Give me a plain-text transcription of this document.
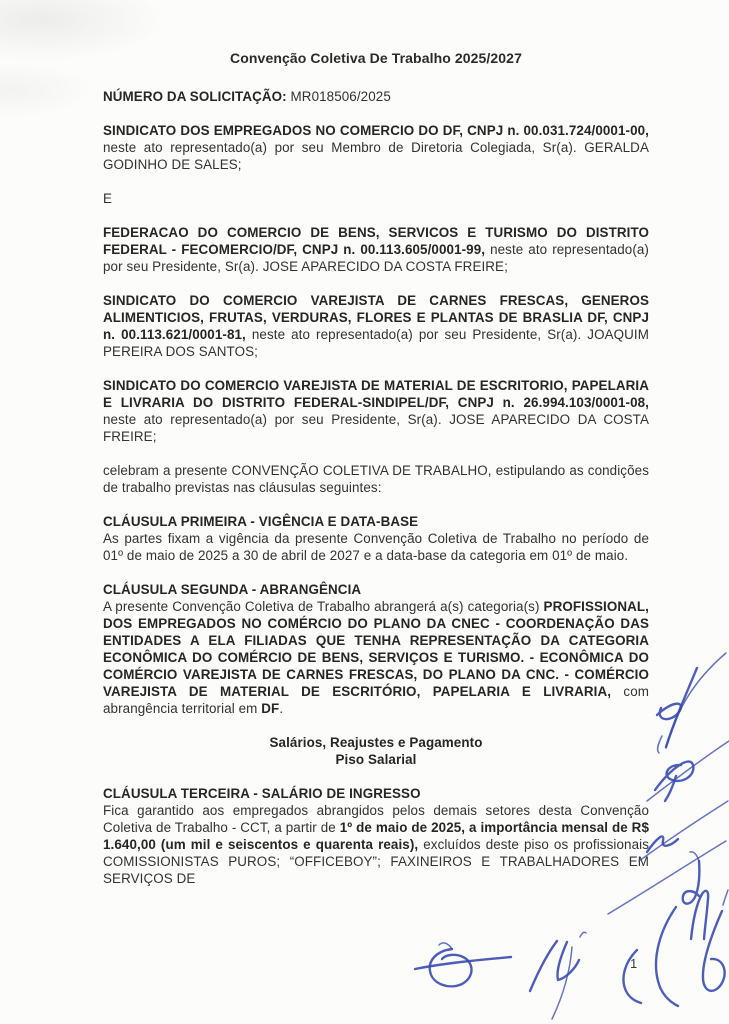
Convenção Coletiva De Trabalho 2025/2027

NÚMERO DA SOLICITAÇÃO: MR018506/2025

SINDICATO DOS EMPREGADOS NO COMERCIO DO DF, CNPJ n. 00.031.724/0001-00, neste ato representado(a) por seu Membro de Diretoria Colegiada, Sr(a). GERALDA GODINHO DE SALES;

E

FEDERACAO DO COMERCIO DE BENS, SERVICOS E TURISMO DO DISTRITO FEDERAL - FECOMERCIO/DF, CNPJ n. 00.113.605/0001-99, neste ato representado(a) por seu Presidente, Sr(a). JOSE APARECIDO DA COSTA FREIRE;

SINDICATO DO COMERCIO VAREJISTA DE CARNES FRESCAS, GENEROS ALIMENTICIOS, FRUTAS, VERDURAS, FLORES E PLANTAS DE BRASLIA DF, CNPJ n. 00.113.621/0001-81, neste ato representado(a) por seu Presidente, Sr(a). JOAQUIM PEREIRA DOS SANTOS;

SINDICATO DO COMERCIO VAREJISTA DE MATERIAL DE ESCRITORIO, PAPELARIA E LIVRARIA DO DISTRITO FEDERAL-SINDIPEL/DF, CNPJ n. 26.994.103/0001-08, neste ato representado(a) por seu Presidente, Sr(a). JOSE APARECIDO DA COSTA FREIRE;

celebram a presente CONVENÇÃO COLETIVA DE TRABALHO, estipulando as condições de trabalho previstas nas cláusulas seguintes:

CLÁUSULA PRIMEIRA - VIGÊNCIA E DATA-BASE
As partes fixam a vigência da presente Convenção Coletiva de Trabalho no período de 01º de maio de 2025 a 30 de abril de 2027 e a data-base da categoria em 01º de maio.
CLÁUSULA SEGUNDA - ABRANGÊNCIA
A presente Convenção Coletiva de Trabalho abrangerá a(s) categoria(s) PROFISSIONAL, DOS EMPREGADOS NO COMÉRCIO DO PLANO DA CNEC - COORDENAÇÃO DAS ENTIDADES A ELA FILIADAS QUE TENHA REPRESENTAÇÃO DA CATEGORIA ECONÔMICA DO COMÉRCIO DE BENS, SERVIÇOS E TURISMO. - ECONÔMICA DO COMÉRCIO VAREJISTA DE CARNES FRESCAS, DO PLANO DA CNC. - COMÉRCIO VAREJISTA DE MATERIAL DE ESCRITÓRIO, PAPELARIA E LIVRARIA, com abrangência territorial em DF.
Salários, Reajustes e Pagamento
Piso Salarial
CLÁUSULA TERCEIRA - SALÁRIO DE INGRESSO
Fica garantido aos empregados abrangidos pelos demais setores desta Convenção Coletiva de Trabalho - CCT, a partir de 1º de maio de 2025, a importância mensal de R$ 1.640,00 (um mil e seiscentos e quarenta reais), excluídos deste piso os profissionais COMISSIONISTAS PUROS; “OFFICEBOY”; FAXINEIROS E TRABALHADORES EM SERVIÇOS DE
1
